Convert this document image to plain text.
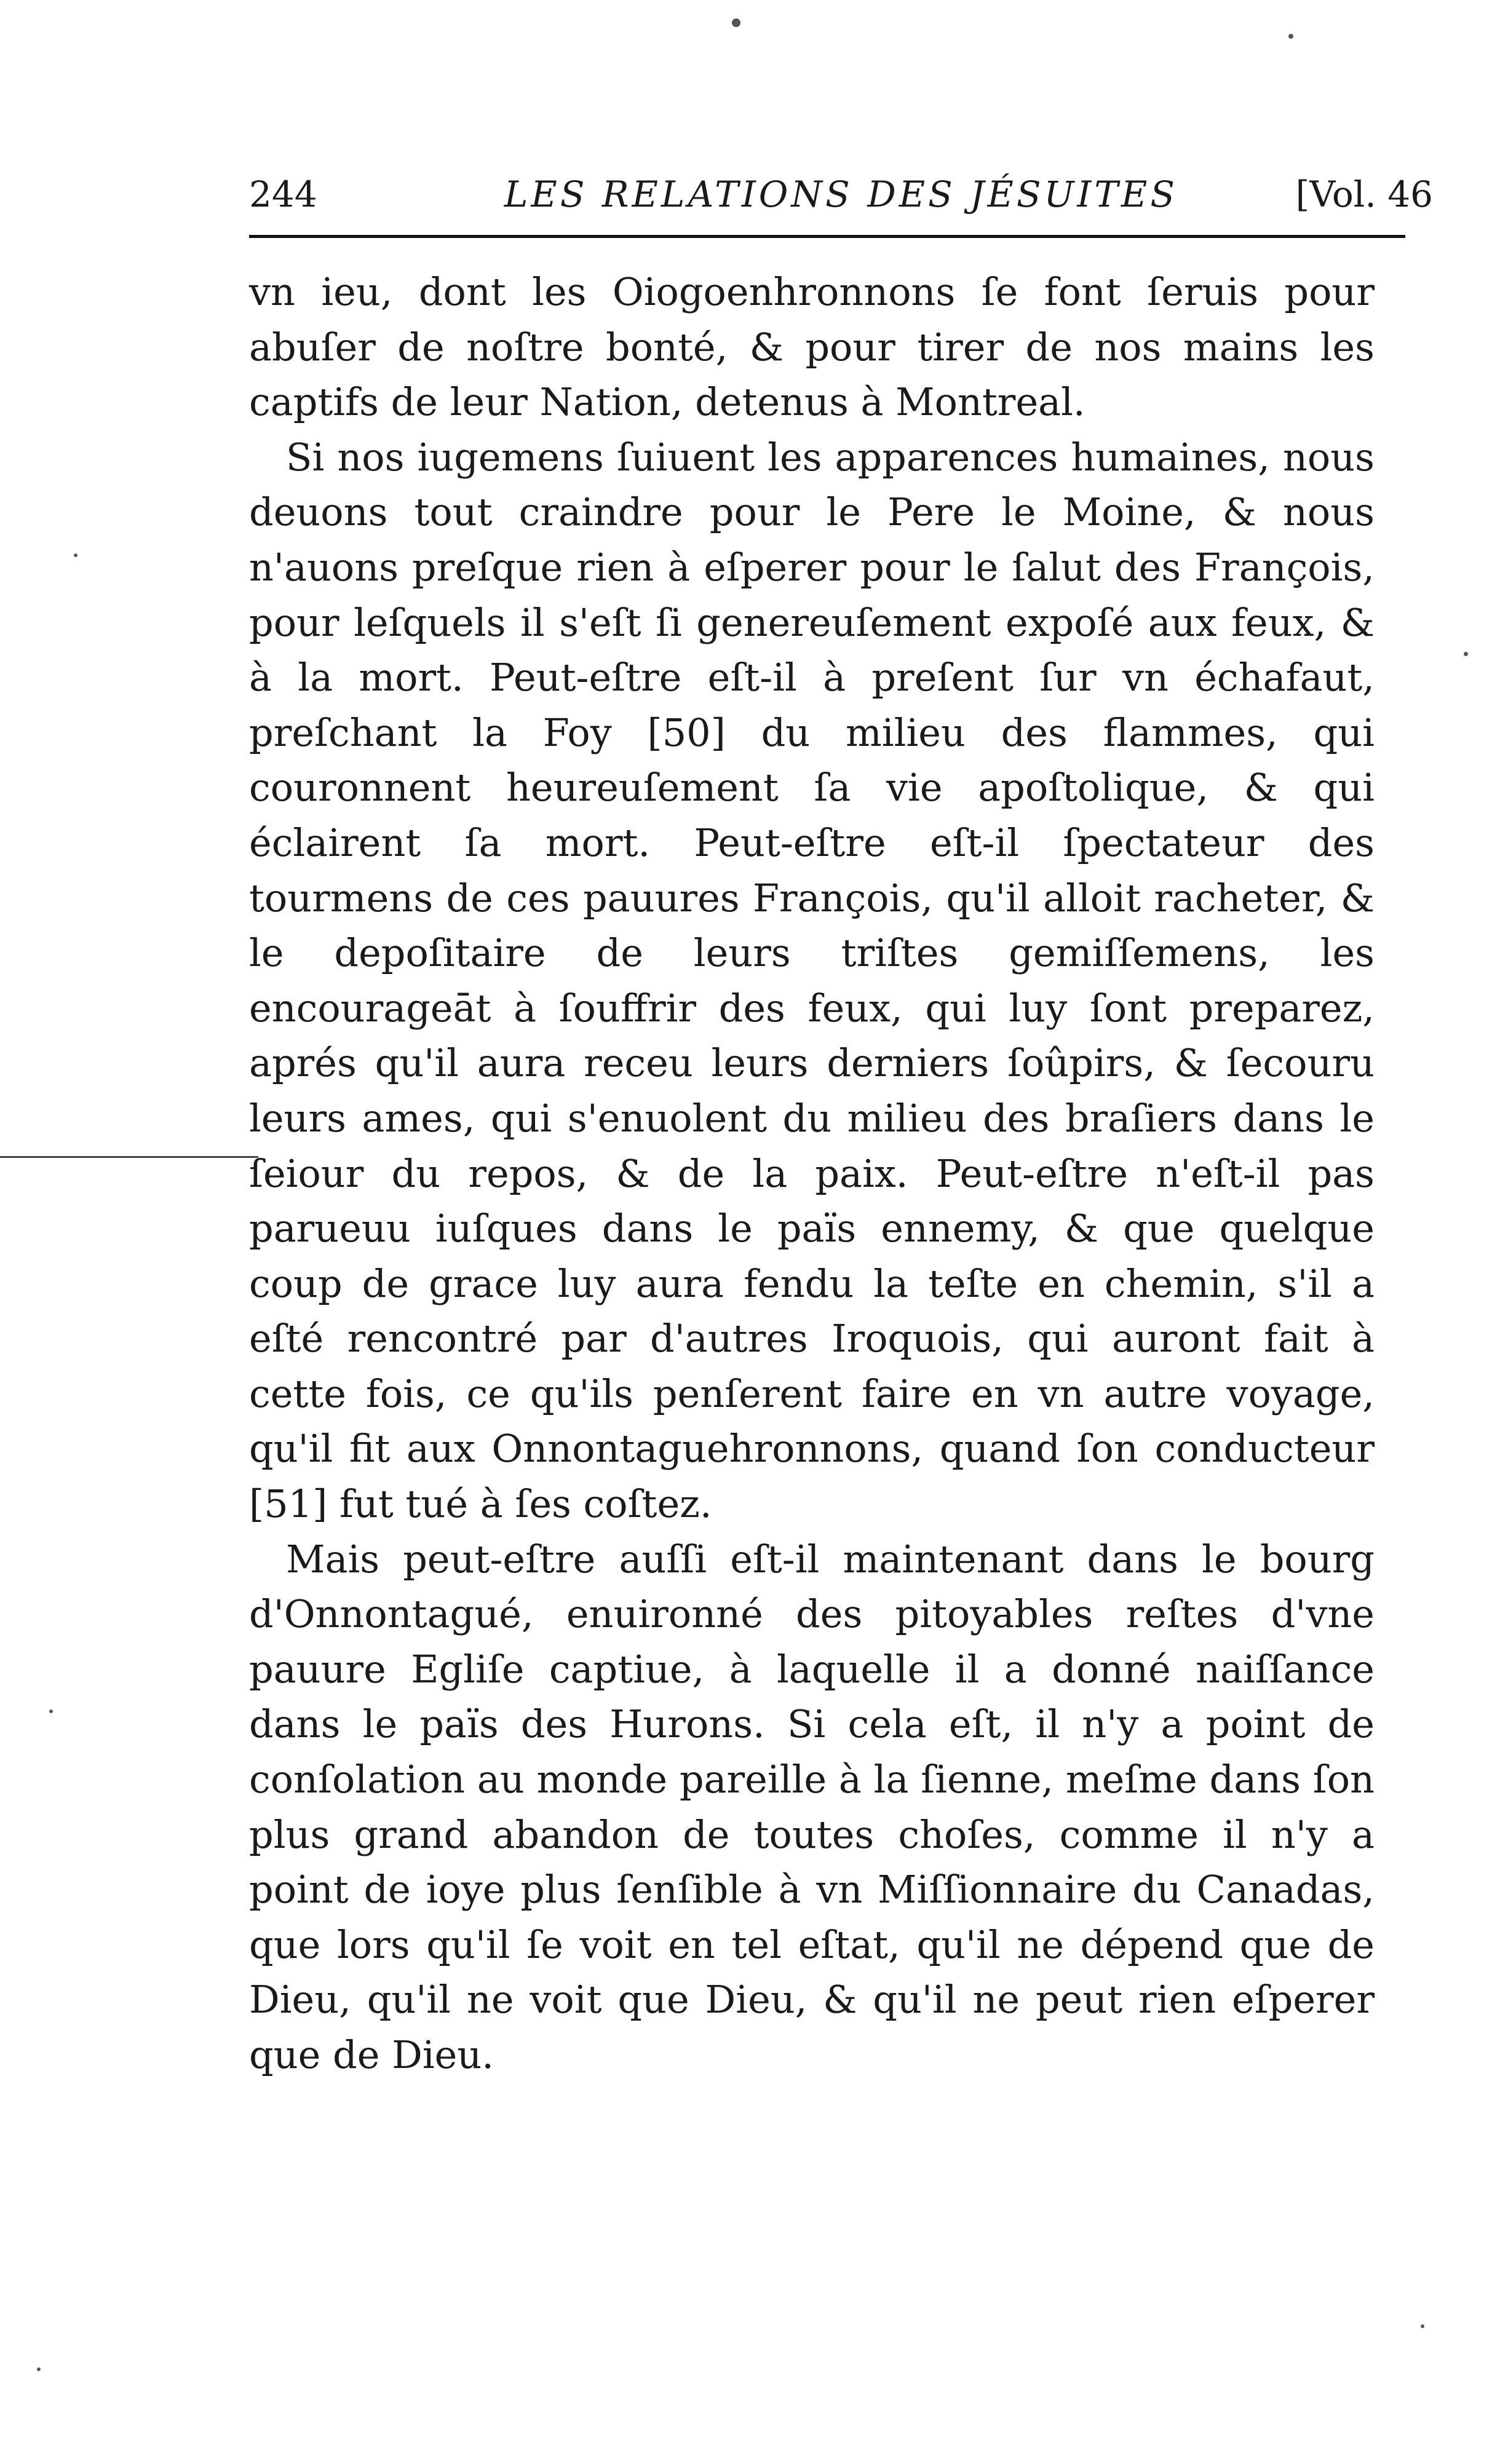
244	LES RELATIONS DES JÉSUITES	[Vol. 46

vn ieu, dont les Oiogoenhronnons ſe font ſeruis pour abuſer de noſtre bonté, & pour tirer de nos mains les captifs de leur Nation, detenus à Montreal.

Si nos iugemens ſuiuent les apparences humaines, nous deuons tout craindre pour le Pere le Moine, & nous n'auons preſque rien à eſperer pour le ſalut des François, pour leſquels il s'eſt ſi genereuſement expoſé aux feux, & à la mort. Peut-eſtre eſt-il à preſent ſur vn échafaut, preſchant la Foy [50] du milieu des flammes, qui couronnent heureuſement ſa vie apoſtolique, & qui éclairent ſa mort. Peut-eſtre eſt-il ſpectateur des tourmens de ces pauures François, qu'il alloit racheter, & le depoſitaire de leurs triſtes gemiſſemens, les encourageāt à ſouffrir des feux, qui luy ſont preparez, aprés qu'il aura receu leurs derniers ſoûpirs, & ſecouru leurs ames, qui s'enuolent du milieu des braſiers dans le ſeiour du repos, & de la paix. Peut-eſtre n'eſt-il pas parueuu iuſques dans le païs ennemy, & que quelque coup de grace luy aura fendu la teſte en chemin, s'il a eſté rencontré par d'autres Iroquois, qui auront fait à cette fois, ce qu'ils penſerent faire en vn autre voyage, qu'il fit aux Onnontaguehronnons, quand ſon conducteur [51] fut tué à ſes coſtez.

Mais peut-eſtre auſſi eſt-il maintenant dans le bourg d'Onnontagué, enuironné des pitoyables reſtes d'vne pauure Egliſe captiue, à laquelle il a donné naiſſance dans le païs des Hurons. Si cela eſt, il n'y a point de conſolation au monde pareille à la ſienne, meſme dans ſon plus grand abandon de toutes choſes, comme il n'y a point de ioye plus ſenſible à vn Miſſionnaire du Canadas, que lors qu'il ſe voit en tel eſtat, qu'il ne dépend que de Dieu, qu'il ne voit que Dieu, & qu'il ne peut rien eſperer que de Dieu.
